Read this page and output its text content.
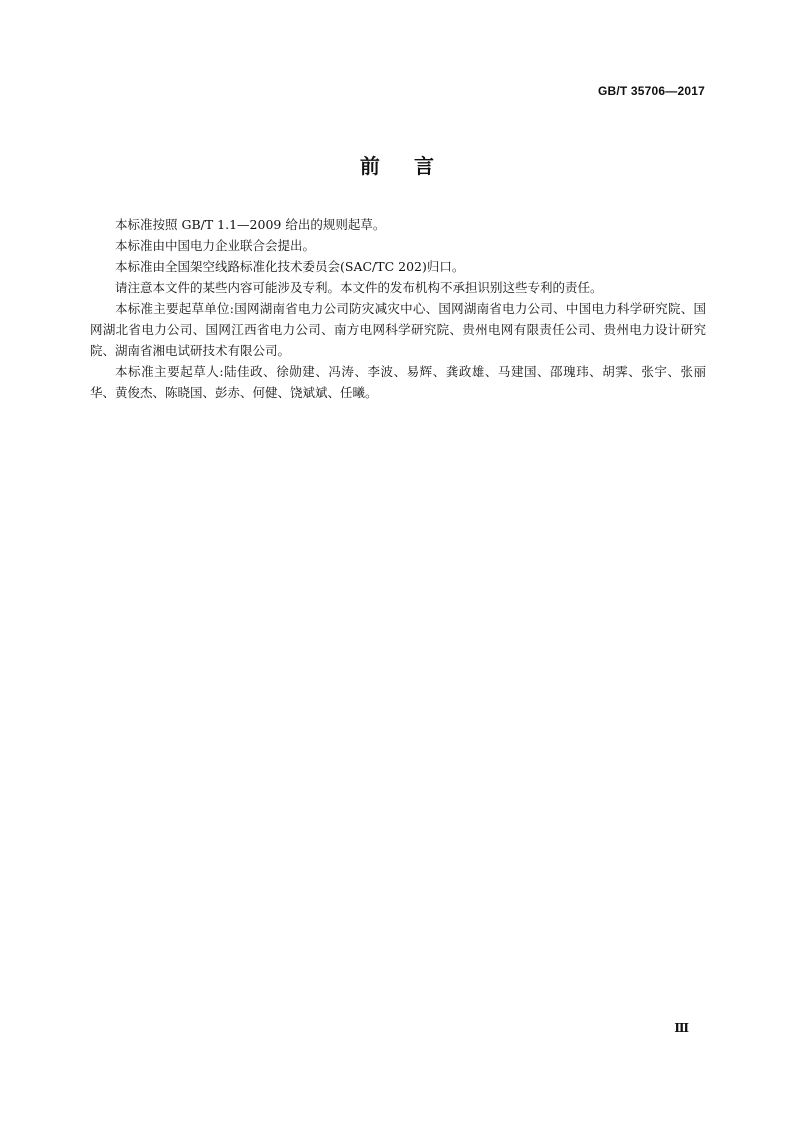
GB/T 35706—2017
前 言

本标准按照 GB/T 1.1—2009 给出的规则起草。

本标准由中国电力企业联合会提出。

本标准由全国架空线路标准化技术委员会(SAC/TC 202)归口。

请注意本文件的某些内容可能涉及专利。本文件的发布机构不承担识别这些专利的责任。

本标准主要起草单位:国网湖南省电力公司防灾减灾中心、国网湖南省电力公司、中国电力科学研究院、国网湖北省电力公司、国网江西省电力公司、南方电网科学研究院、贵州电网有限责任公司、贵州电力设计研究院、湖南省湘电试研技术有限公司。

本标准主要起草人:陆佳政、徐勋建、冯涛、李波、易辉、龚政雄、马建国、邵瑰玮、胡霁、张宇、张丽华、黄俊杰、陈晓国、彭赤、何健、饶斌斌、任曦。

Ⅲ
